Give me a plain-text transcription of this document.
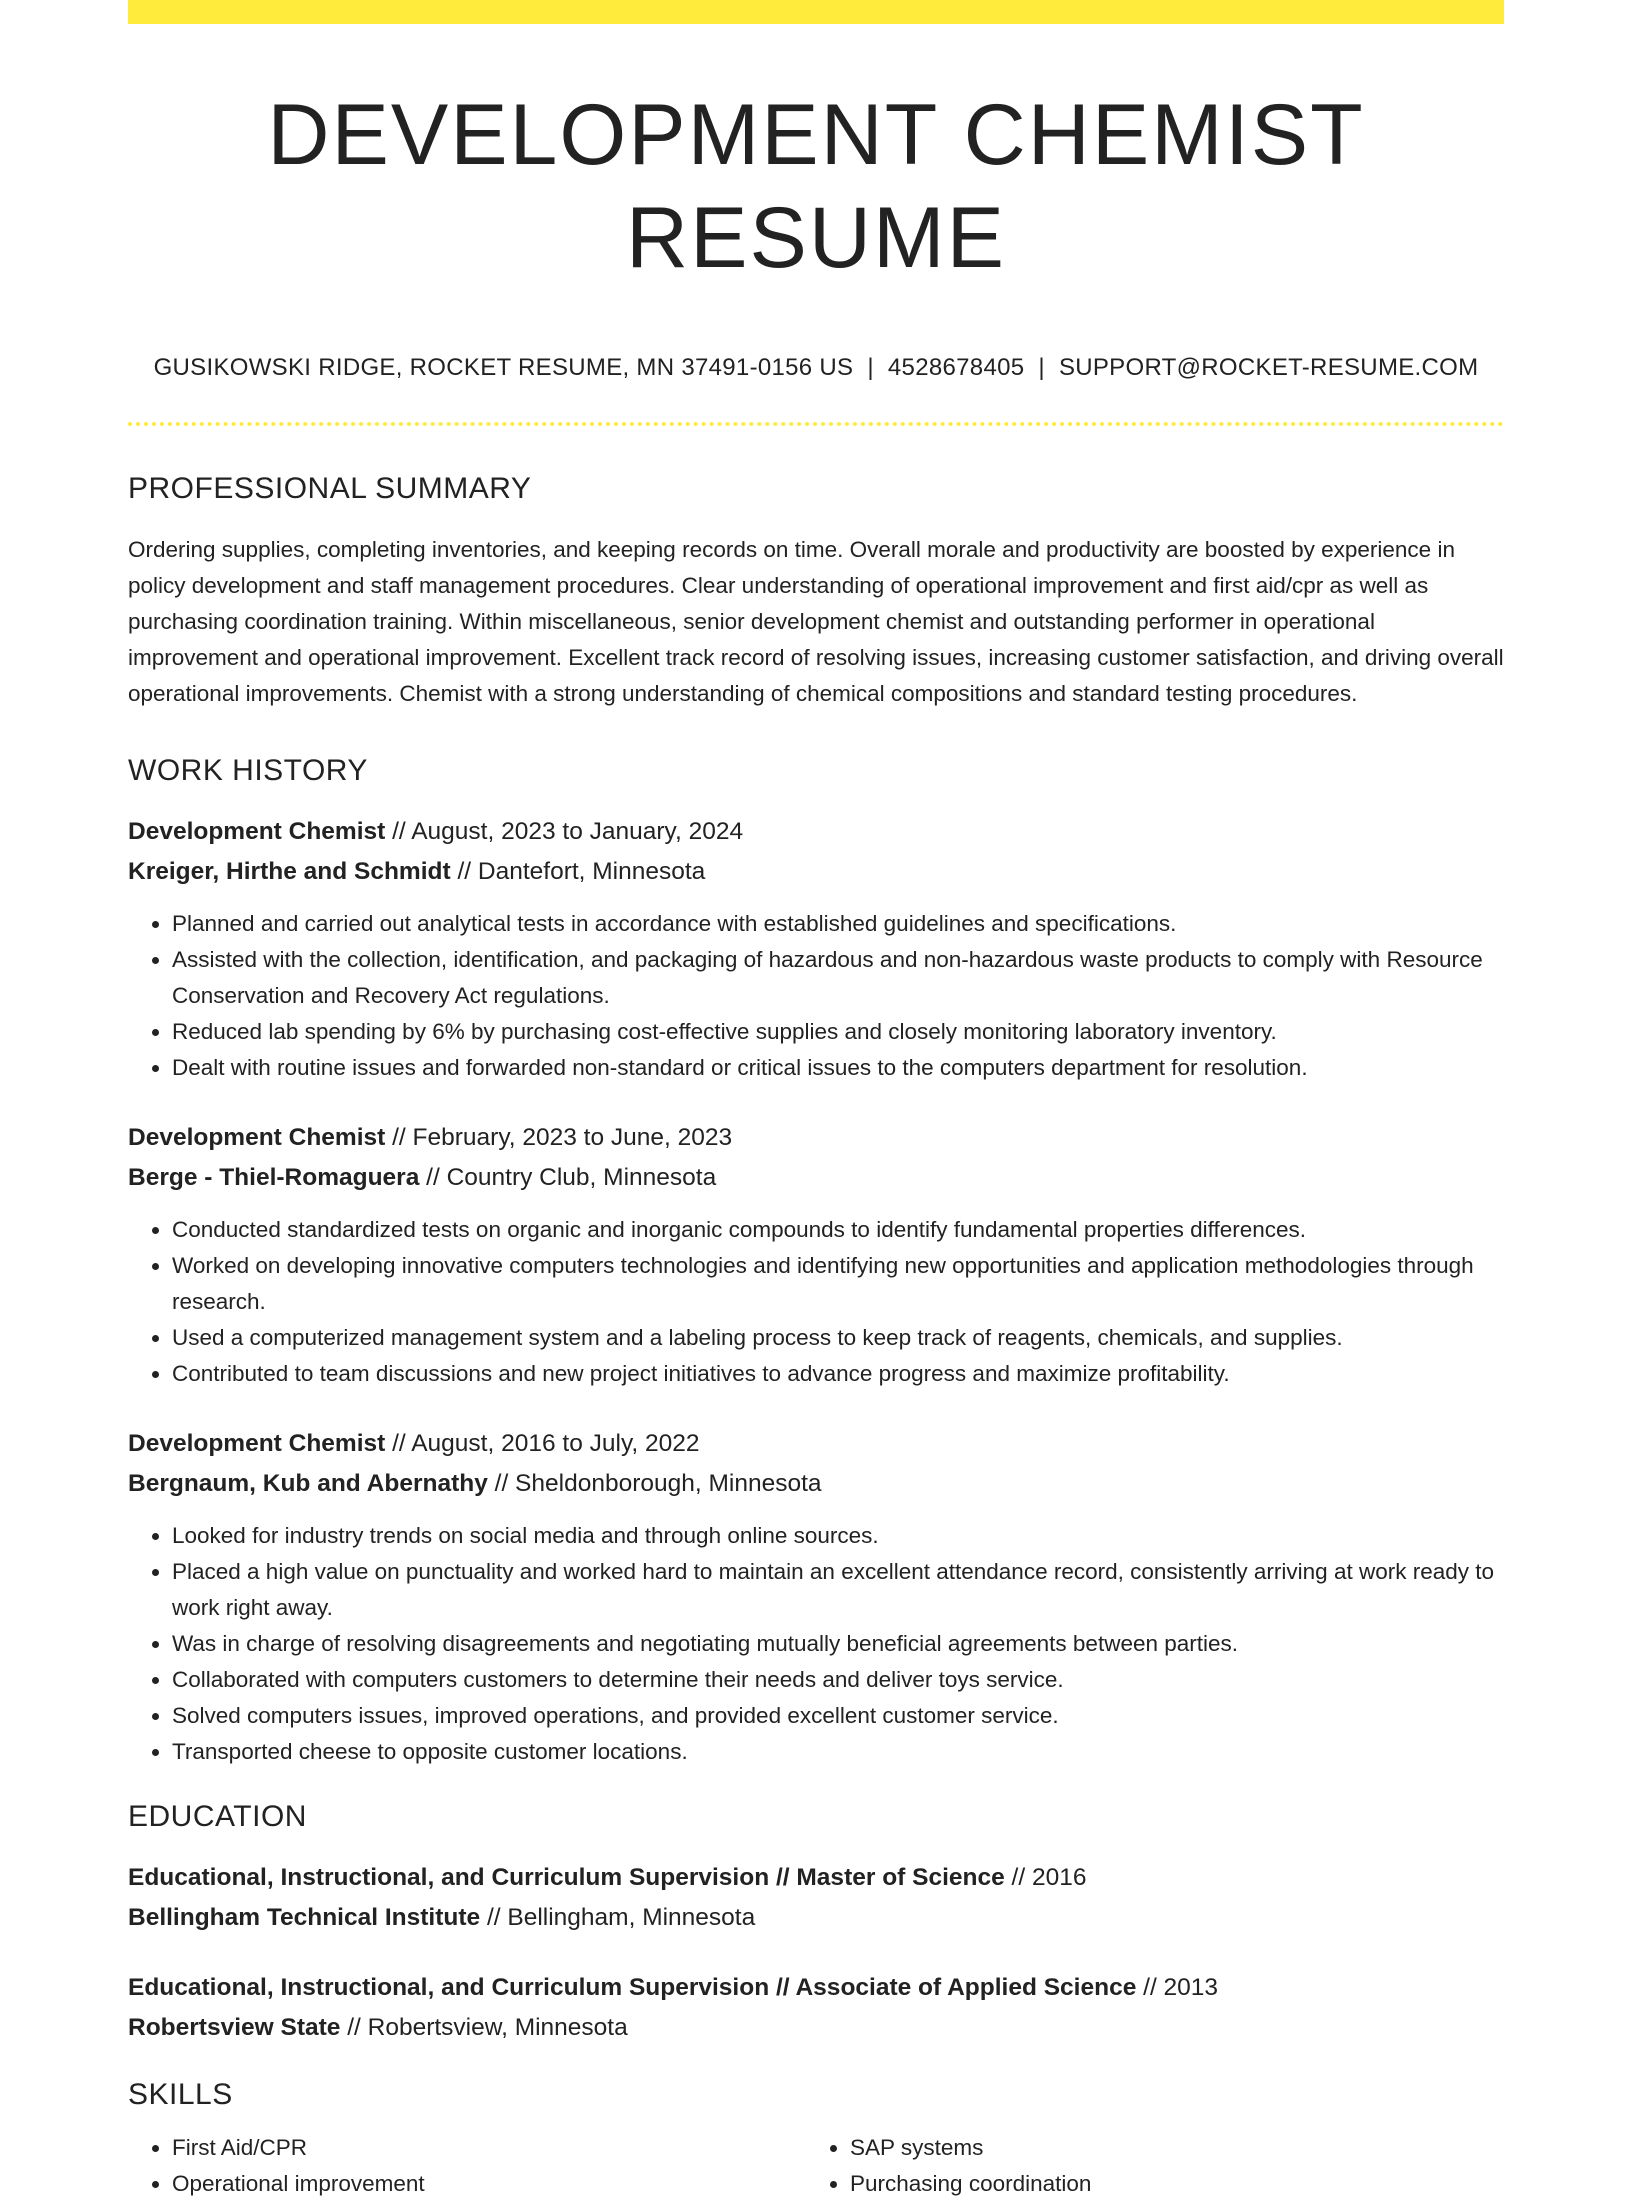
DEVELOPMENT CHEMIST RESUME
GUSIKOWSKI RIDGE, ROCKET RESUME, MN 37491-0156 US | 4528678405 | SUPPORT@ROCKET-RESUME.COM
PROFESSIONAL SUMMARY

Ordering supplies, completing inventories, and keeping records on time. Overall morale and productivity are boosted by experience in policy development and staff management procedures. Clear understanding of operational improvement and first aid/cpr as well as purchasing coordination training. Within miscellaneous, senior development chemist and outstanding performer in operational improvement and operational improvement. Excellent track record of resolving issues, increasing customer satisfaction, and driving overall operational improvements. Chemist with a strong understanding of chemical compositions and standard testing procedures.

WORK HISTORY

Development Chemist // August, 2023 to January, 2024

Kreiger, Hirthe and Schmidt // Dantefort, Minnesota

• Planned and carried out analytical tests in accordance with established guidelines and specifications.
• Assisted with the collection, identification, and packaging of hazardous and non-hazardous waste products to comply with Resource Conservation and Recovery Act regulations.
• Reduced lab spending by 6% by purchasing cost-effective supplies and closely monitoring laboratory inventory.
• Dealt with routine issues and forwarded non-standard or critical issues to the computers department for resolution.

Development Chemist // February, 2023 to June, 2023

Berge - Thiel-Romaguera // Country Club, Minnesota

• Conducted standardized tests on organic and inorganic compounds to identify fundamental properties differences.
• Worked on developing innovative computers technologies and identifying new opportunities and application methodologies through research.
• Used a computerized management system and a labeling process to keep track of reagents, chemicals, and supplies.
• Contributed to team discussions and new project initiatives to advance progress and maximize profitability.

Development Chemist // August, 2016 to July, 2022

Bergnaum, Kub and Abernathy // Sheldonborough, Minnesota

• Looked for industry trends on social media and through online sources.
• Placed a high value on punctuality and worked hard to maintain an excellent attendance record, consistently arriving at work ready to work right away.
• Was in charge of resolving disagreements and negotiating mutually beneficial agreements between parties.
• Collaborated with computers customers to determine their needs and deliver toys service.
• Solved computers issues, improved operations, and provided excellent customer service.
• Transported cheese to opposite customer locations.
EDUCATION

Educational, Instructional, and Curriculum Supervision // Master of Science // 2016

Bellingham Technical Institute // Bellingham, Minnesota

Educational, Instructional, and Curriculum Supervision // Associate of Applied Science // 2013

Robertsview State // Robertsview, Minnesota

SKILLS
• First Aid/CPR
• Operational improvement
• SAP systems
• Purchasing coordination
